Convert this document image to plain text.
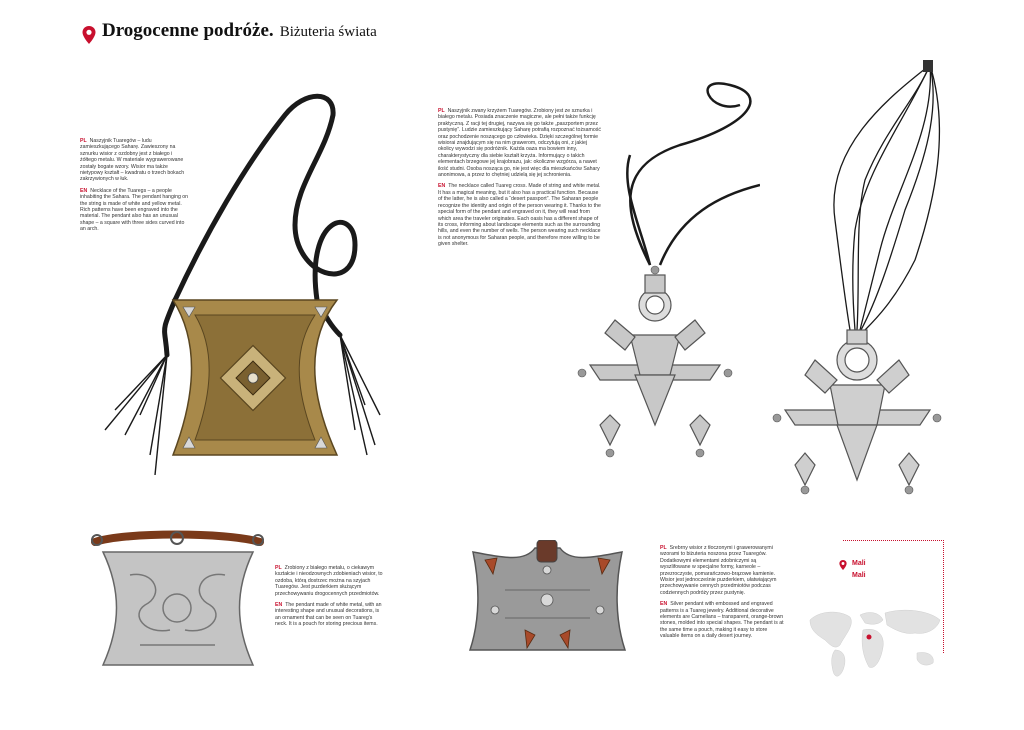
Drogocenne podróże. Biżuteria świata

PL Naszyjnik Tuaregów – ludu zamieszkującego Saharę. Zawieszony na sznurku wisior z ozdobny jest z białego i żółtego metalu. W materiale wygrawerowane zostały bogate wzory. Wisior ma także nietypowy kształt – kwadratu o trzech bokach zakrzywionych w łuk.

EN Necklace of the Tuaregs – a people inhabiting the Sahara. The pendant hanging on the string is made of white and yellow metal. Rich patterns have been engraved into the material. The pendant also has an unusual shape – a square with three sides curved into an arch.

PL Naszyjnik zwany krzyżem Tuaregów. Zrobiony jest ze sznurka i białego metalu. Posiada znaczenie magiczne, ale pełni także funkcję praktyczną. Z racji tej drugiej, nazywa się go także „paszportem przez pustynię”. Ludzie zamieszkujący Saharę potrafią rozpoznać tożsamość oraz pochodzenie noszącego go człowieka. Dzięki szczególnej formie wisiorai znajdującym się na nim grawerom, odczytują oni, z jakiej okolicy wywodzi się podróżnik. Każda oaza ma bowiem inny, charakterystyczny dla siebie kształt krzyża. Informujący o takich elementach brzegowe jej krajobrazu, jak: okoliczne wzgórza, a nawet ilość studni. Osoba nosząca go, nie jest więc dla mieszkańców Sahary anonimowa, a przez to chętniej udzielą się jej schronienia.

EN The necklace called Tuareg cross. Made of string and white metal. It has a magical meaning, but it also has a practical function. Because of the latter, he is also called a “desert passport”. The Saharan people recognize the identity and origin of the person wearing it. Thanks to the special form of the pendant and engraved on it, they will read from which area the traveler originates. Each oasis has a different shape of its cross, informing about landscape elements such as the surrounding hills, and even the number of wells. The person wearing such necklace is not anonymous for Saharan people, and therefore more willing to be given shelter.

PL Zrobiony z białego metalu, o ciekawym kształcie i nieodzownych zdobieniach wisior, to ozdoba, którą dostrzec można na szyjach Tuaregów. Jest puzderkiem służącym przechowywaniu drogocennych przedmiotów.

EN The pendant made of white metal, with an interesting shape and unusual decorations, is an ornament that can be seen on Tuareg’s neck. It is a pouch for storing precious items.

PL Srebrny wisior z tłoczonymi i grawerowanymi wzorami to biżuteria noszona przez Tuaregów. Dodatkowymi elementami zdobniczymi są wyszlifowane w specjalne formy, karneole – przezroczyste, pomarańczowo-brązowe kamienie. Wisior jest jednocześnie puzderkiem, ułatwiającym przechowywanie cennych przedmiotów podczas codziennych podróży przez pustynię.

EN Silver pendant with embossed and engraved patterns is a Tuareg jewelry. Additional decorative elements are Carnelians – transparent, orange-brown stones, molded into special shapes. The pendant is at the same time a pouch, making it easy to store valuable items on a daily desert journey.

Mali
Mali
